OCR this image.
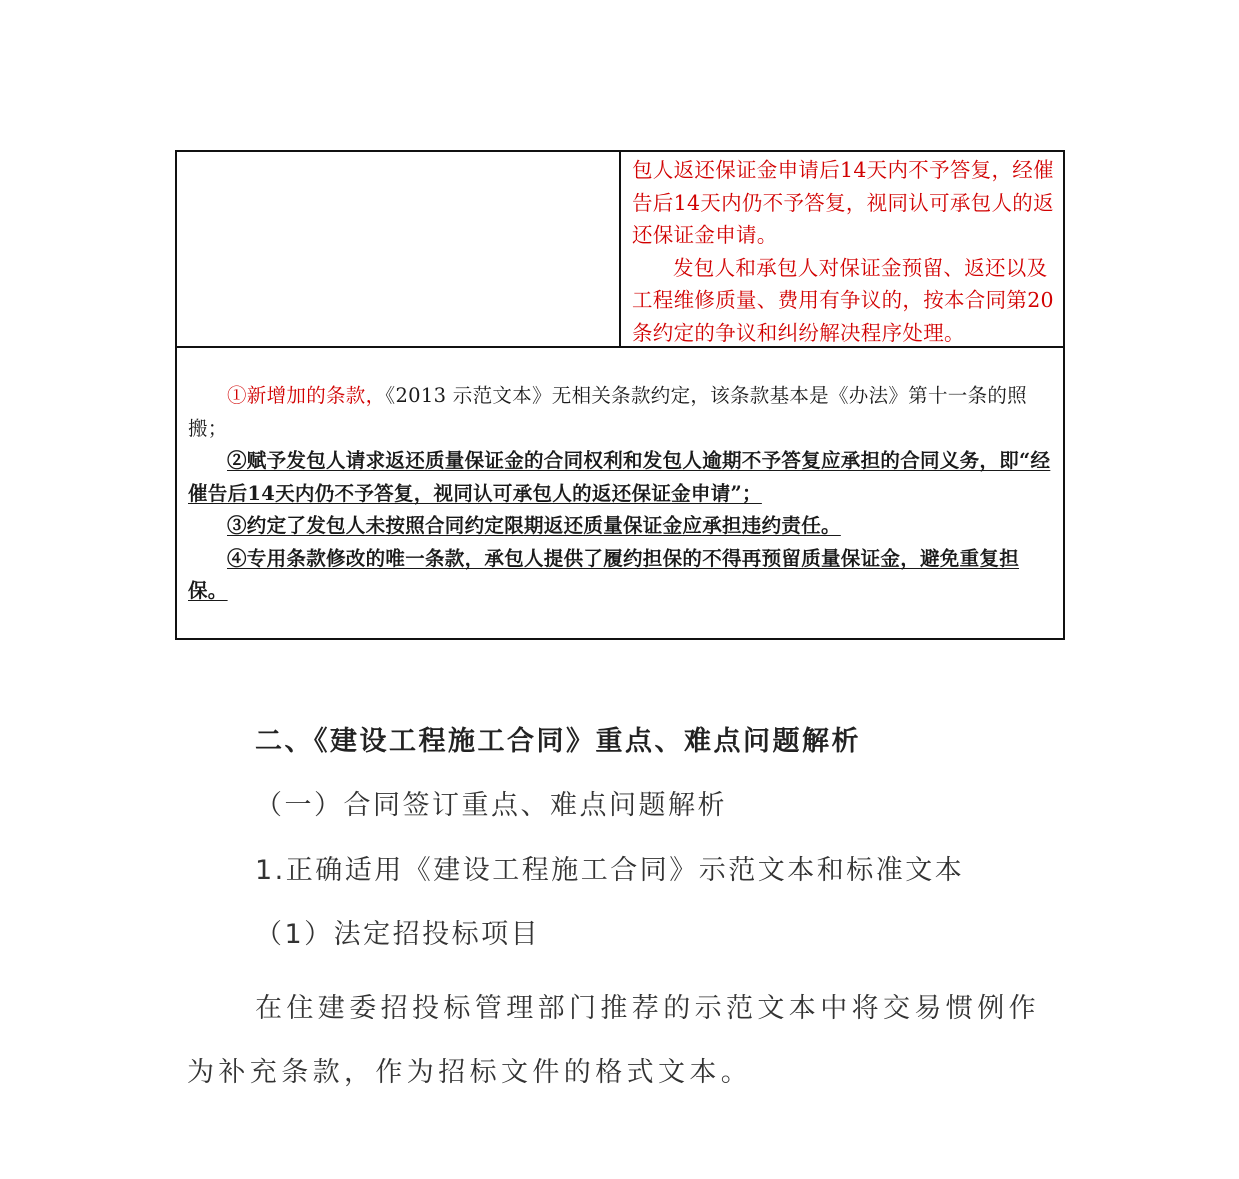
包人返还保证金申请后14天内不予答复，经催告后14天内仍不予答复，视同认可承包人的返还保证金申请。

发包人和承包人对保证金预留、返还以及工程维修质量、费用有争议的，按本合同第20条约定的争议和纠纷解决程序处理。

①新增加的条款，《2013 示范文本》无相关条款约定，该条款基本是《办法》第十一条的照搬；

②赋予发包人请求返还质量保证金的合同权利和发包人逾期不予答复应承担的合同义务，即“经催告后14天内仍不予答复，视同认可承包人的返还保证金申请”；

③约定了发包人未按照合同约定限期返还质量保证金应承担违约责任。

④专用条款修改的唯一条款，承包人提供了履约担保的不得再预留质量保证金，避免重复担保。

二、《建设工程施工合同》重点、难点问题解析
（一）合同签订重点、难点问题解析
1.正确适用《建设工程施工合同》示范文本和标准文本
（1）法定招投标项目
在住建委招投标管理部门推荐的示范文本中将交易惯例作为补充条款，作为招标文件的格式文本。
